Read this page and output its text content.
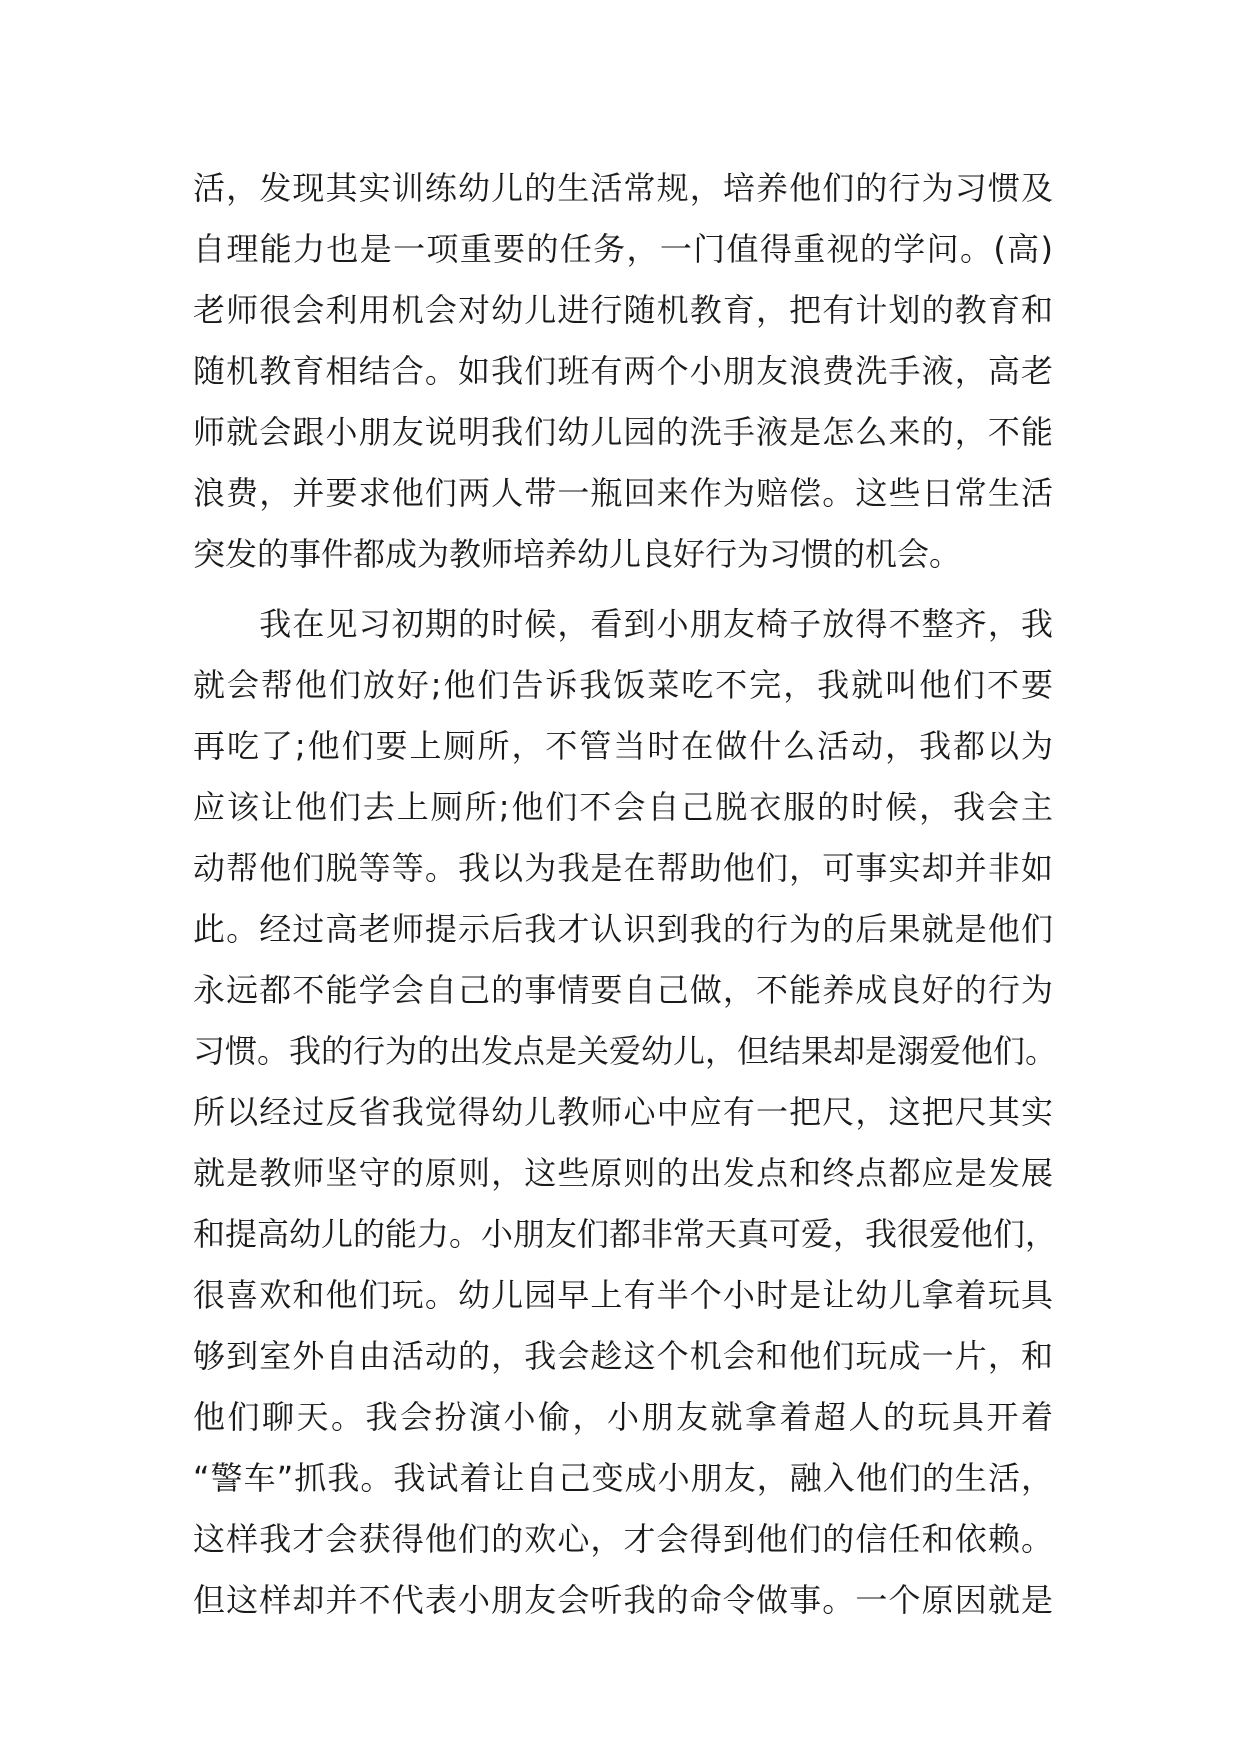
活，发现其实训练幼儿的生活常规，培养他们的行为习惯及
自理能力也是一项重要的任务，一门值得重视的学问。(高)
老师很会利用机会对幼儿进行随机教育，把有计划的教育和
随机教育相结合。如我们班有两个小朋友浪费洗手液，高老
师就会跟小朋友说明我们幼儿园的洗手液是怎么来的，不能
浪费，并要求他们两人带一瓶回来作为赔偿。这些日常生活
突发的事件都成为教师培养幼儿良好行为习惯的机会。
　　我在见习初期的时候，看到小朋友椅子放得不整齐，我
就会帮他们放好;他们告诉我饭菜吃不完，我就叫他们不要
再吃了;他们要上厕所，不管当时在做什么活动，我都以为
应该让他们去上厕所;他们不会自己脱衣服的时候，我会主
动帮他们脱等等。我以为我是在帮助他们，可事实却并非如
此。经过高老师提示后我才认识到我的行为的后果就是他们
永远都不能学会自己的事情要自己做，不能养成良好的行为
习惯。我的行为的出发点是关爱幼儿，但结果却是溺爱他们。
所以经过反省我觉得幼儿教师心中应有一把尺，这把尺其实
就是教师坚守的原则，这些原则的出发点和终点都应是发展
和提高幼儿的能力。小朋友们都非常天真可爱，我很爱他们，
很喜欢和他们玩。幼儿园早上有半个小时是让幼儿拿着玩具
够到室外自由活动的，我会趁这个机会和他们玩成一片，和
他们聊天。我会扮演小偷，小朋友就拿着超人的玩具开着
“警车”抓我。我试着让自己变成小朋友，融入他们的生活，
这样我才会获得他们的欢心，才会得到他们的信任和依赖。
但这样却并不代表小朋友会听我的命令做事。一个原因就是
